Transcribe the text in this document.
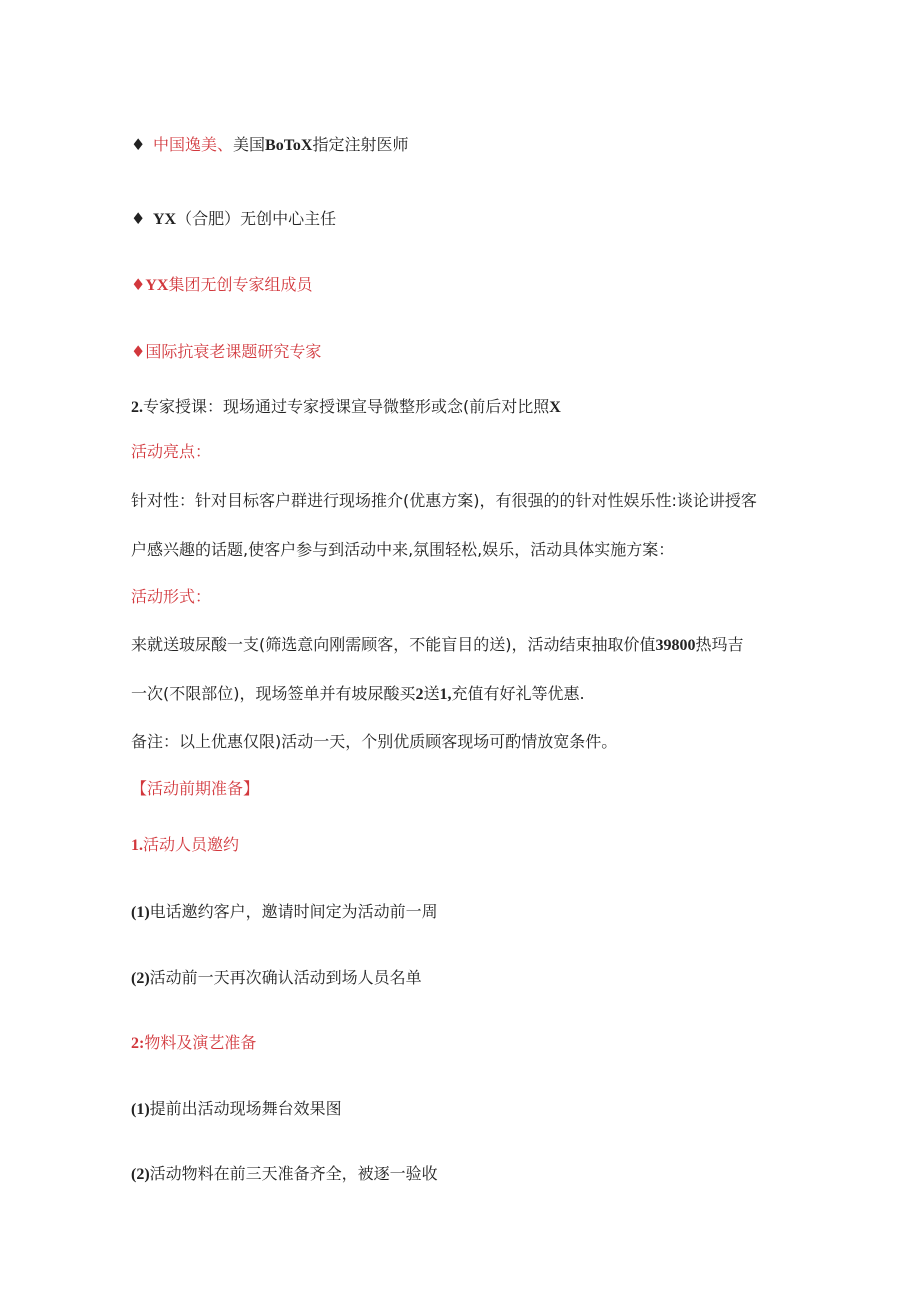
♦ 中国逸美、美国BoToX指定注射医师
♦ YX（合肥）无创中心主任
♦YX集团无创专家组成员
♦国际抗衰老课题研究专家
2.专家授课：现场通过专家授课宣导微整形或念(前后对比照X
活动亮点：
针对性：针对目标客户群进行现场推介(优惠方案)，有很强的的针对性娱乐性:谈论讲授客
户感兴趣的话题,使客户参与到活动中来,氛围轻松,娱乐，活动具体实施方案：
活动形式：
来就送玻尿酸一支(筛选意向刚需顾客，不能盲目的送)，活动结束抽取价值39800热玛吉
一次(不限部位)，现场签单并有坡尿酸买2送1,充值有好礼等优惠.
备注：以上优惠仅限)活动一天，个别优质顾客现场可酌情放宽条件。
【活动前期准备】
1.活动人员邀约
(1)电话邀约客户，邀请时间定为活动前一周
(2)活动前一天再次确认活动到场人员名单
2:物料及演艺准备
(1)提前出活动现场舞台效果图
(2)活动物料在前三天准备齐全，被逐一验收
